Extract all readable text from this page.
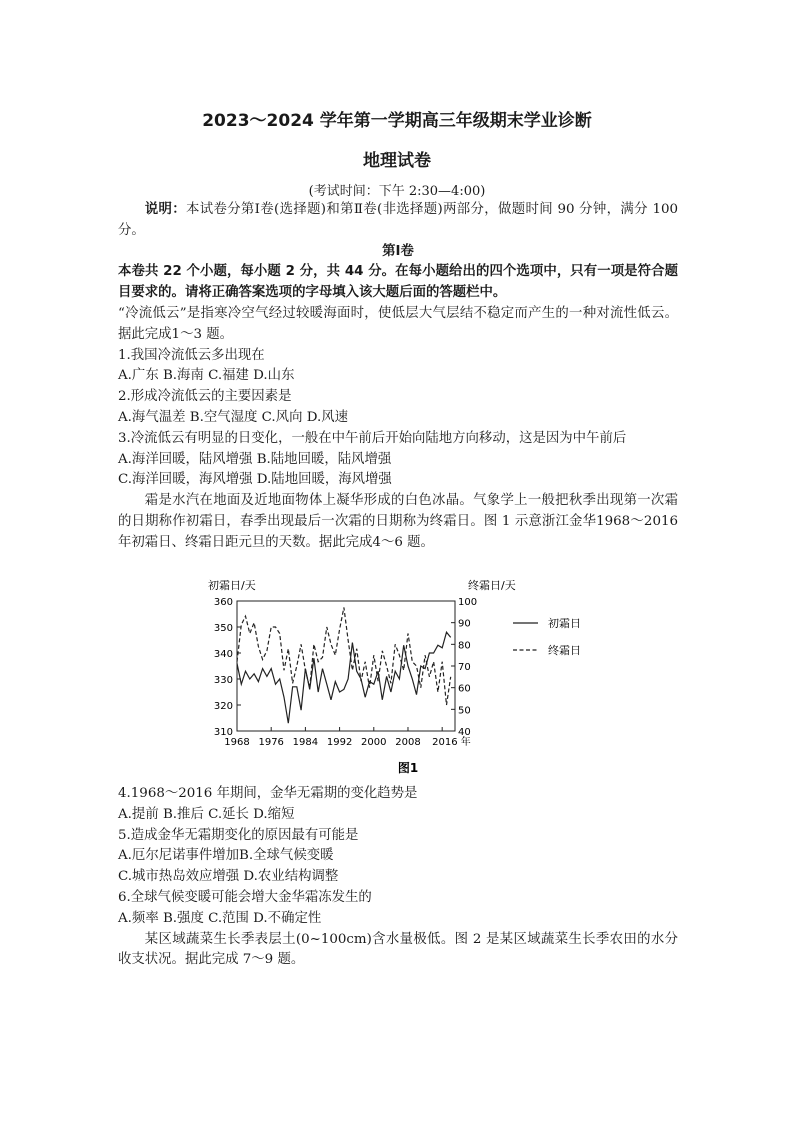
2023～2024 学年第一学期高三年级期末学业诊断
地理试卷
(考试时间：下午 2:30—4:00)

说明：本试卷分第Ⅰ卷(选择题)和第Ⅱ卷(非选择题)两部分，做题时间 90 分钟，满分 100 分。

第Ⅰ卷

本卷共 22 个小题，每小题 2 分，共 44 分。在每小题给出的四个选项中，只有一项是符合题目要求的。请将正确答案选项的字母填入该大题后面的答题栏中。

“冷流低云”是指寒冷空气经过较暖海面时，使低层大气层结不稳定而产生的一种对流性低云。据此完成1～3 题。

1.我国冷流低云多出现在

A.广东 B.海南 C.福建 D.山东

2.形成冷流低云的主要因素是

A.海气温差 B.空气湿度 C.风向 D.风速

3.冷流低云有明显的日变化，一般在中午前后开始向陆地方向移动，这是因为中午前后

A.海洋回暖，陆风增强 B.陆地回暖，陆风增强

C.海洋回暖，海风增强 D.陆地回暖，海风增强

霜是水汽在地面及近地面物体上凝华形成的白色冰晶。气象学上一般把秋季出现第一次霜的日期称作初霜日，春季出现最后一次霜的日期称为终霜日。图 1 示意浙江金华1968～2016 年初霜日、终霜日距元旦的天数。据此完成4～6 题。

初霜日/天	终霜日/天
360
350
340
330
320
310
100
90
80
70
60
50
40
1968 1976 1984 1992 2000 2008 2016 年
初霜日
终霜日
图1

4.1968～2016 年期间，金华无霜期的变化趋势是

A.提前 B.推后 C.延长 D.缩短

5.造成金华无霜期变化的原因最有可能是

A.厄尔尼诺事件增加B.全球气候变暖

C.城市热岛效应增强 D.农业结构调整

6.全球气候变暖可能会增大金华霜冻发生的

A.频率 B.强度 C.范围 D.不确定性

某区域蔬菜生长季表层土(0~100cm)含水量极低。图 2 是某区域蔬菜生长季农田的水分收支状况。据此完成 7～9 题。
